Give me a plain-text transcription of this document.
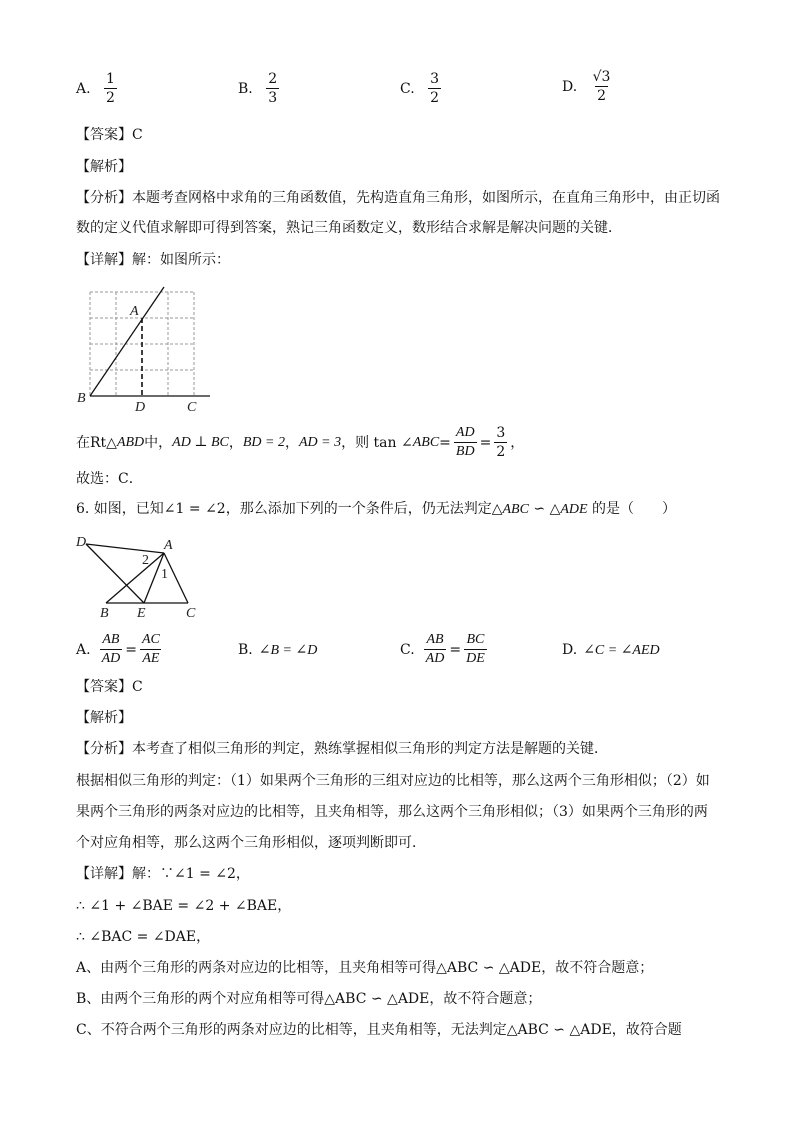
A. $\frac{1}{2}$	B. $\frac{2}{3}$	C. $\frac{3}{2}$	D. $\frac{√3}{2}$
【答案】C
【解析】
【分析】本题考查网格中求角的三角函数值，先构造直角三角形，如图所示，在直角三角形中，由正切函
数的定义代值求解即可得到答案，熟记三角函数定义，数形结合求解是解决问题的关键．
【详解】解：如图所示：
A
B
D	C
在Rt△ ABD 中， AD ⊥ BC ， BD = 2 ， AD = 3 ，则 tan ∠ ABC = $\frac{AD}{BD} = \frac{3}{2}$ ，
故选：C．
6. 如图，已知∠1 = ∠2，那么添加下列的一个条件后，仍无法判定△ABC ∽ △ADE 的是（　　）
D	A
2
1
B E	C
A. $\frac{AB}{AD} = \frac{AC}{AE}$	B. ∠B = ∠D	C. $\frac{AB}{AD} = \frac{BC}{DE}$	D. ∠C = ∠AED
【答案】C
【解析】
【分析】本考查了相似三角形的判定，熟练掌握相似三角形的判定方法是解题的关键．
根据相似三角形的判定：（1）如果两个三角形的三组对应边的比相等，那么这两个三角形相似；（2）如
果两个三角形的两条对应边的比相等，且夹角相等，那么这两个三角形相似；（3）如果两个三角形的两
个对应角相等，那么这两个三角形相似，逐项判断即可．
【详解】解：∵∠1 = ∠2，
∴ ∠1 + ∠BAE = ∠2 + ∠BAE，
∴ ∠BAC = ∠DAE，
A、由两个三角形的两条对应边的比相等，且夹角相等可得△ABC ∽ △ADE，故不符合题意；
B、由两个三角形的两个对应角相等可得△ABC ∽ △ADE，故不符合题意；
C、不符合两个三角形的两条对应边的比相等，且夹角相等，无法判定△ABC ∽ △ADE，故符合题
